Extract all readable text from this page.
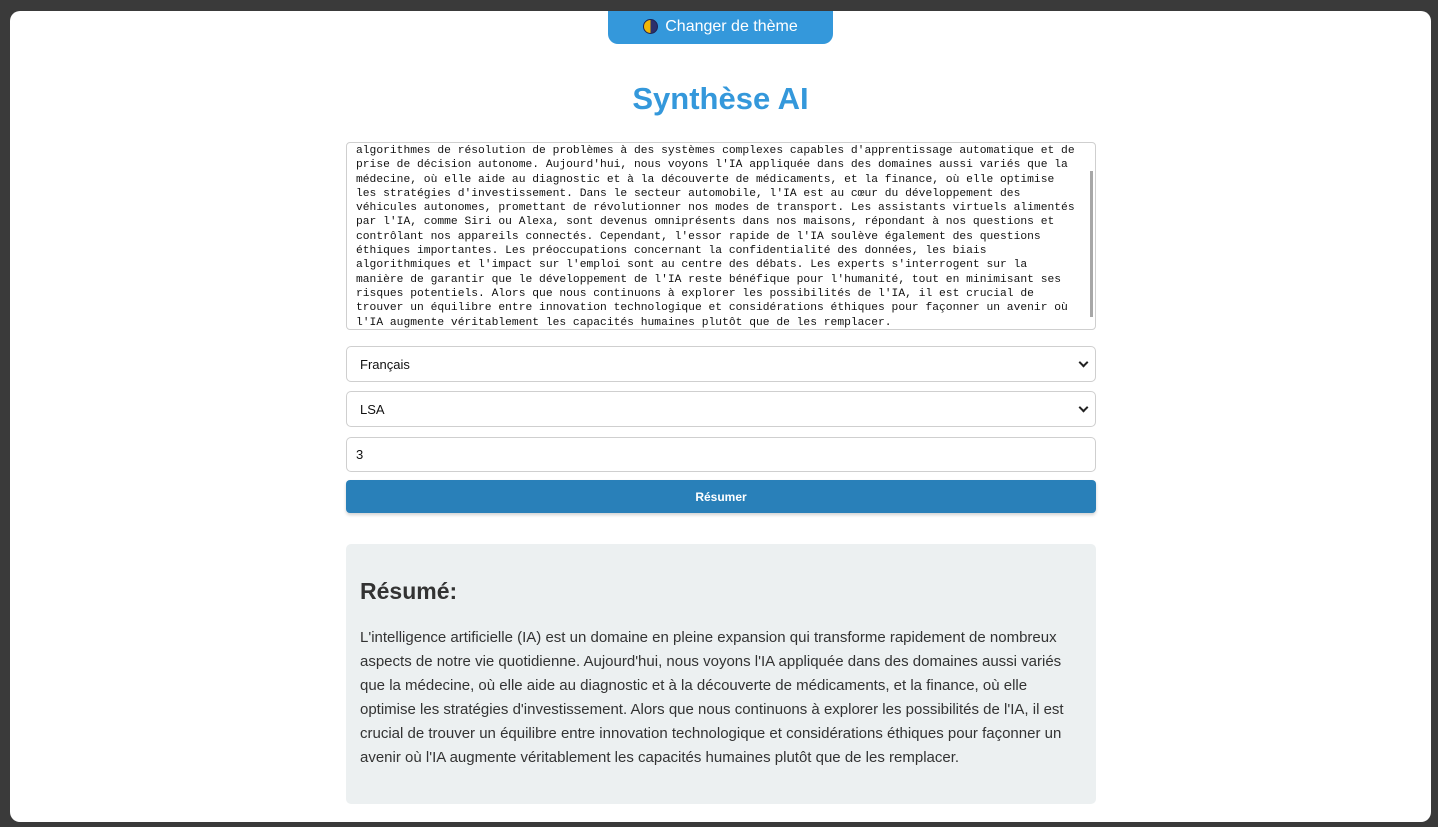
Changer de thème
Synthèse AI
algorithmes de résolution de problèmes à des systèmes complexes capables d'apprentissage automatique et de prise de décision autonome. Aujourd'hui, nous voyons l'IA appliquée dans des domaines aussi variés que la médecine, où elle aide au diagnostic et à la découverte de médicaments, et la finance, où elle optimise les stratégies d'investissement. Dans le secteur automobile, l'IA est au cœur du développement des véhicules autonomes, promettant de révolutionner nos modes de transport. Les assistants virtuels alimentés par l'IA, comme Siri ou Alexa, sont devenus omniprésents dans nos maisons, répondant à nos questions et contrôlant nos appareils connectés. Cependant, l'essor rapide de l'IA soulève également des questions éthiques importantes. Les préoccupations concernant la confidentialité des données, les biais algorithmiques et l'impact sur l'emploi sont au centre des débats. Les experts s'interrogent sur la manière de garantir que le développement de l'IA reste bénéfique pour l'humanité, tout en minimisant ses risques potentiels. Alors que nous continuons à explorer les possibilités de l'IA, il est crucial de trouver un équilibre entre innovation technologique et considérations éthiques pour façonner un avenir où l'IA augmente véritablement les capacités humaines plutôt que de les remplacer.
Français
LSA
3
Résumer
Résumé:

L'intelligence artificielle (IA) est un domaine en pleine expansion qui transforme rapidement de nombreux aspects de notre vie quotidienne. Aujourd'hui, nous voyons l'IA appliquée dans des domaines aussi variés que la médecine, où elle aide au diagnostic et à la découverte de médicaments, et la finance, où elle optimise les stratégies d'investissement. Alors que nous continuons à explorer les possibilités de l'IA, il est crucial de trouver un équilibre entre innovation technologique et considérations éthiques pour façonner un avenir où l'IA augmente véritablement les capacités humaines plutôt que de les remplacer.
